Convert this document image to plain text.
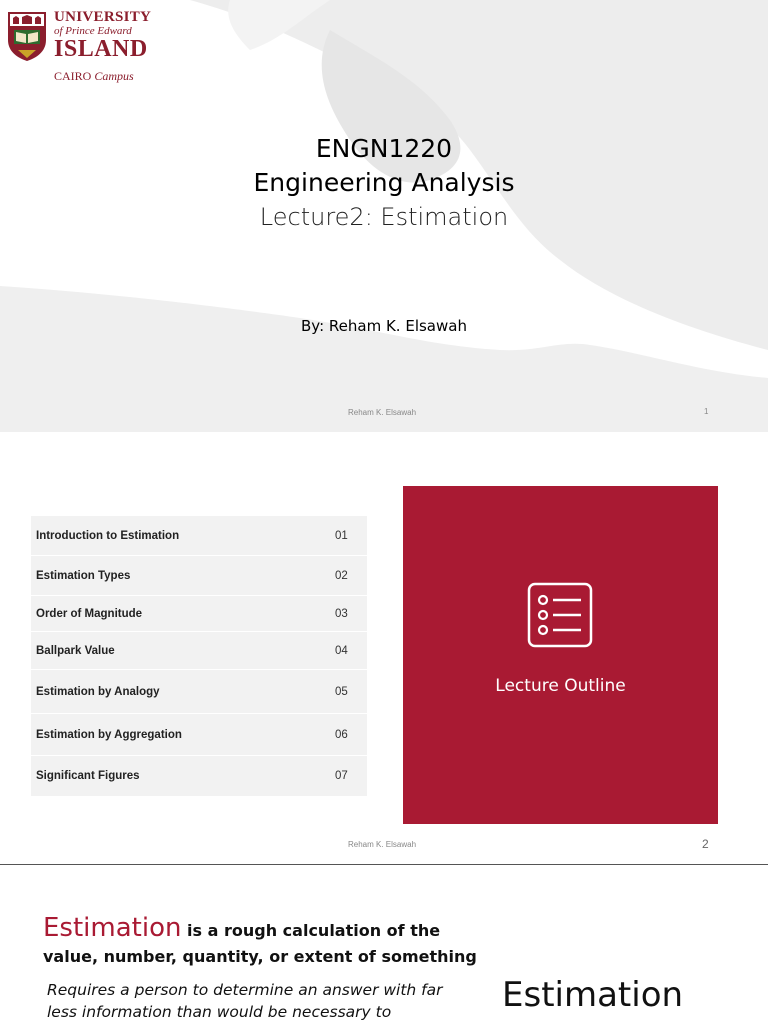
UNIVERSITY
of Prince Edward
ISLAND
CAIRO Campus
ENGN1220
Engineering Analysis
Lecture2: Estimation
By: Reham K. Elsawah
Reham K. Elsawah	1
Introduction to Estimation	01
Estimation Types	02
Order of Magnitude	03
Ballpark Value	04
Estimation by Analogy	05
Estimation by Aggregation	06
Significant Figures	07
Lecture Outline
Reham K. Elsawah	2
Estimation is a rough calculation of the
value, number, quantity, or extent of something
Requires a person to determine an answer with far less information than would be necessary to	Estimation
